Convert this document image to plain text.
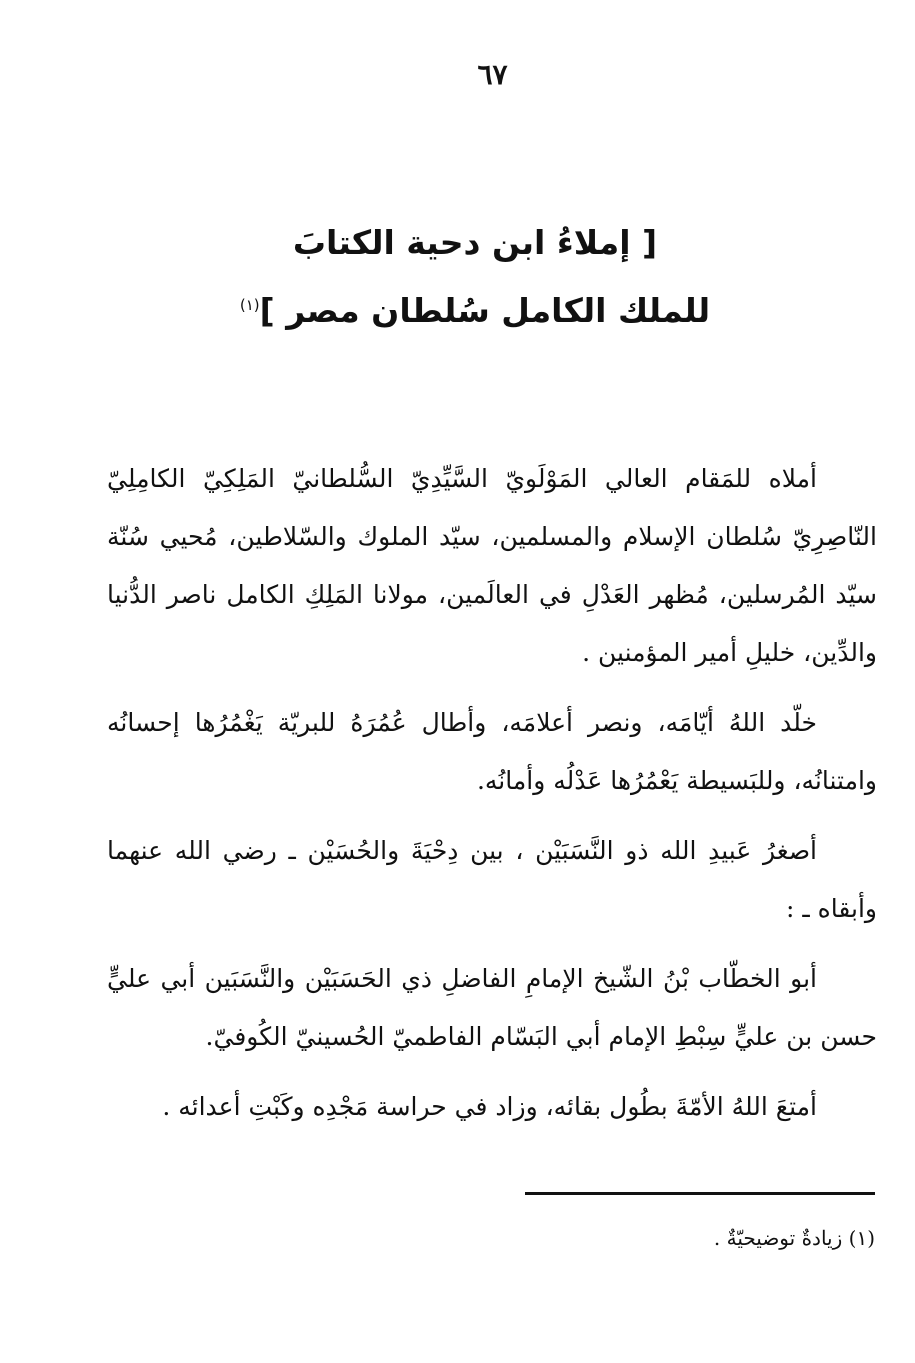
٦٧
[ إملاءُ ابن دحية الكتابَ
للملك الكامل سُلطان مصر ]$^{(١)}$

أملاه للمَقام العالي المَوْلَويّ السَّيِّدِيّ السُّلطانيّ المَلِكِيّ الكامِلِيّ النّاصِرِيّ سُلطان الإسلام والمسلمين، سيّد الملوك والسّلاطين، مُحيي سُنّة سيّد المُرسلين، مُظهر العَدْلِ في العالَمين، مولانا المَلِكِ الكامل ناصر الدُّنيا والدِّين، خليلِ أمير المؤمنين .

خلّد اللهُ أيّامَه، ونصر أعلامَه، وأطال عُمُرَهُ للبريّة يَغْمُرُها إحسانُه وامتنانُه، وللبَسيطة يَعْمُرُها عَدْلُه وأمانُه.

أصغرُ عَبيدِ الله ذو النَّسَبَيْن ، بين دِحْيَةَ والحُسَيْن ـ رضي الله عنهما وأبقاه ـ :

أبو الخطّاب بْنُ الشّيخ الإمامِ الفاضلِ ذي الحَسَبَيْن والنَّسَبَين أبي عليٍّ حسن بن عليٍّ سِبْطِ الإمام أبي البَسّام الفاطميّ الحُسينيّ الكُوفيّ.

أمتعَ اللهُ الأمّةَ بطُول بقائه، وزاد في حراسة مَجْدِه وكَبْتِ أعدائه .

(١) زيادةٌ توضيحيّةٌ .
